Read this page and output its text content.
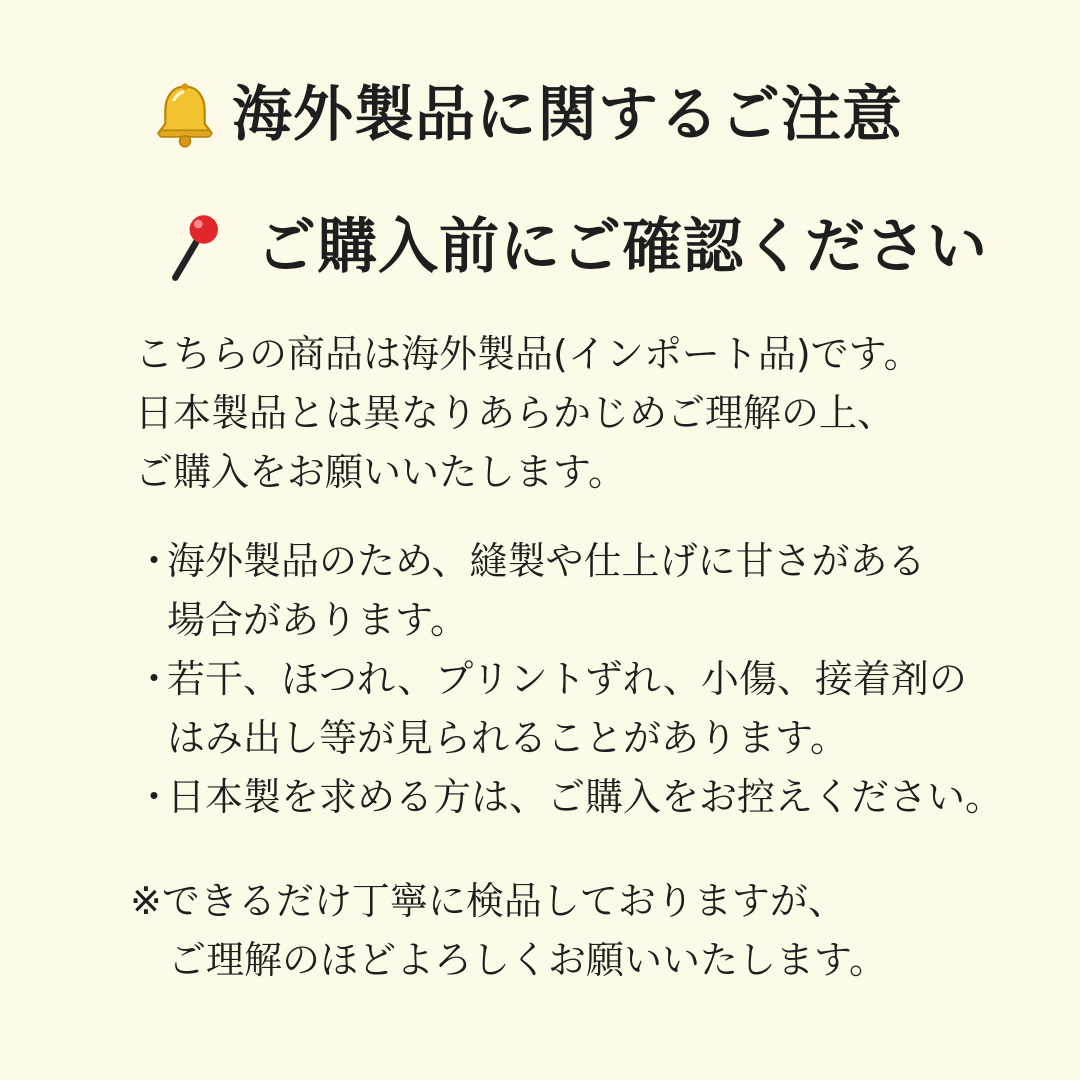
海外製品に関するご注意
ご購入前にご確認ください
こちらの商品は海外製品(インポート品)です。
日本製品とは異なりあらかじめご理解の上、
ご購入をお願いいたします。
・
海外製品のため、縫製や仕上げに甘さがある
場合があります。
・
若干、ほつれ、プリントずれ、小傷、接着剤の
はみ出し等が見られることがあります。
・
日本製を求める方は、ご購入をお控えください。
※できるだけ丁寧に検品しておりますが、
ご理解のほどよろしくお願いいたします。
